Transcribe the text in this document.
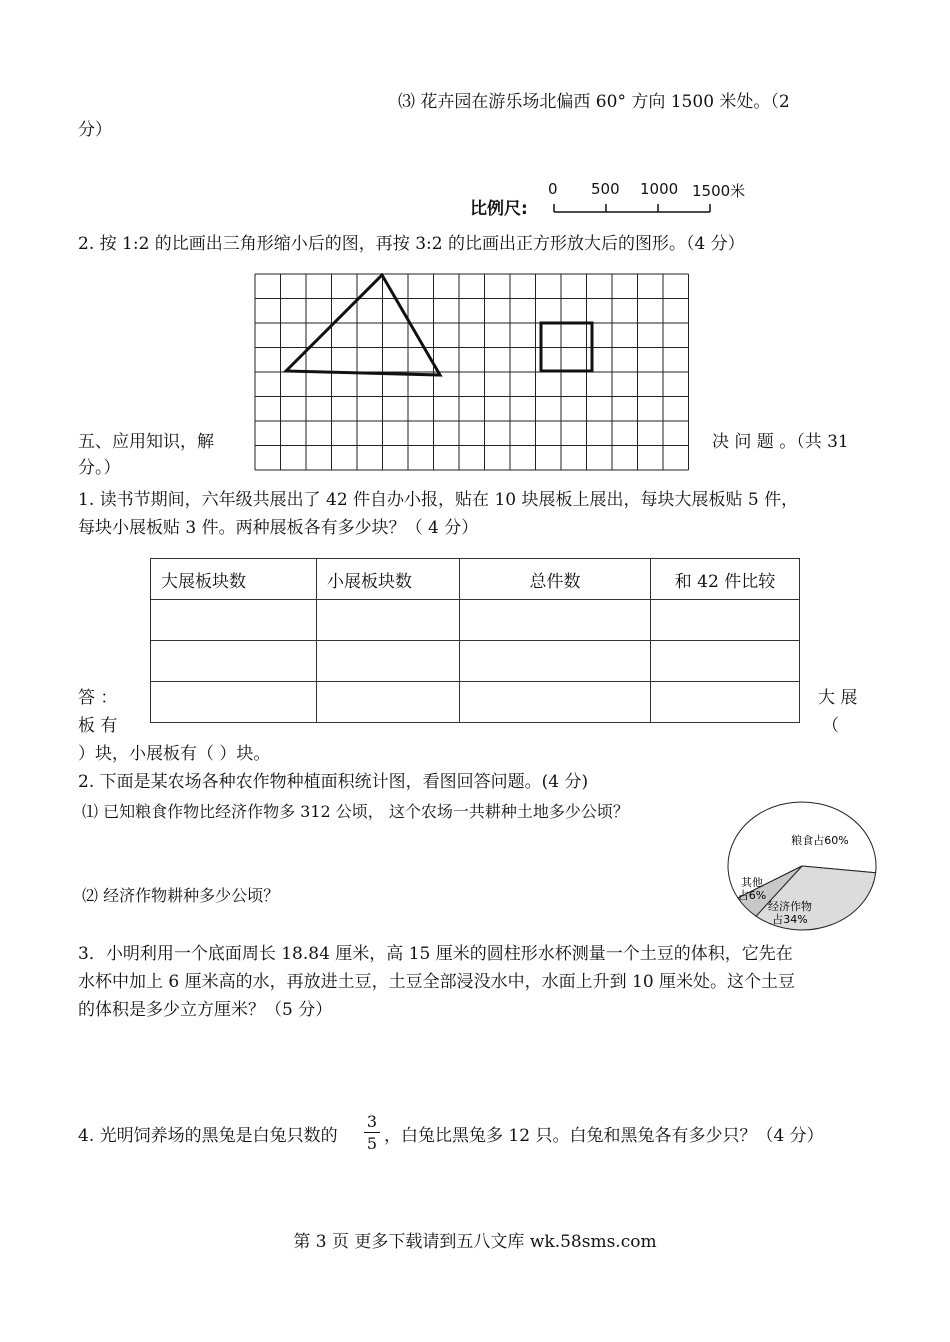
⑶ 花卉园在游乐场北偏西 60° 方向 1500 米处。（2
分）
比例尺:
0 500 1000 1500米
2. 按 1:2 的比画出三角形缩小后的图，再按 3:2 的比画出正方形放大后的图形。（4 分）
五、应用知识，解	决 问 题 。（共 31
分。）
1. 读书节期间，六年级共展出了 42 件自办小报，贴在 10 块展板上展出，每块大展板贴 5 件，
每块小展板贴 3 件。两种展板各有多少块？（ 4 分）
大展板块数	小展板块数	总件数	和 42 件比较

答 ：	大 展
板 有	（
）块，小展板有（ ）块。
2. 下面是某农场各种农作物种植面积统计图，看图回答问题。(4 分)
⑴ 已知粮食作物比经济作物多 312 公顷， 这个农场一共耕种土地多少公顷？
⑵ 经济作物耕种多少公顷？
粮食占60%
其他
占6%
经济作物
占34%
3．小明利用一个底面周长 18.84 厘米，高 15 厘米的圆柱形水杯测量一个土豆的体积，它先在
水杯中加上 6 厘米高的水，再放进土豆，土豆全部浸没水中，水面上升到 10 厘米处。这个土豆
的体积是多少立方厘米？（5 分）
4. 光明饲养场的黑兔是白兔只数的
3
5 ，白兔比黑兔多 12 只。白兔和黑兔各有多少只？（4 分）
第 3 页 更多下载请到五八文库 wk.58sms.com
